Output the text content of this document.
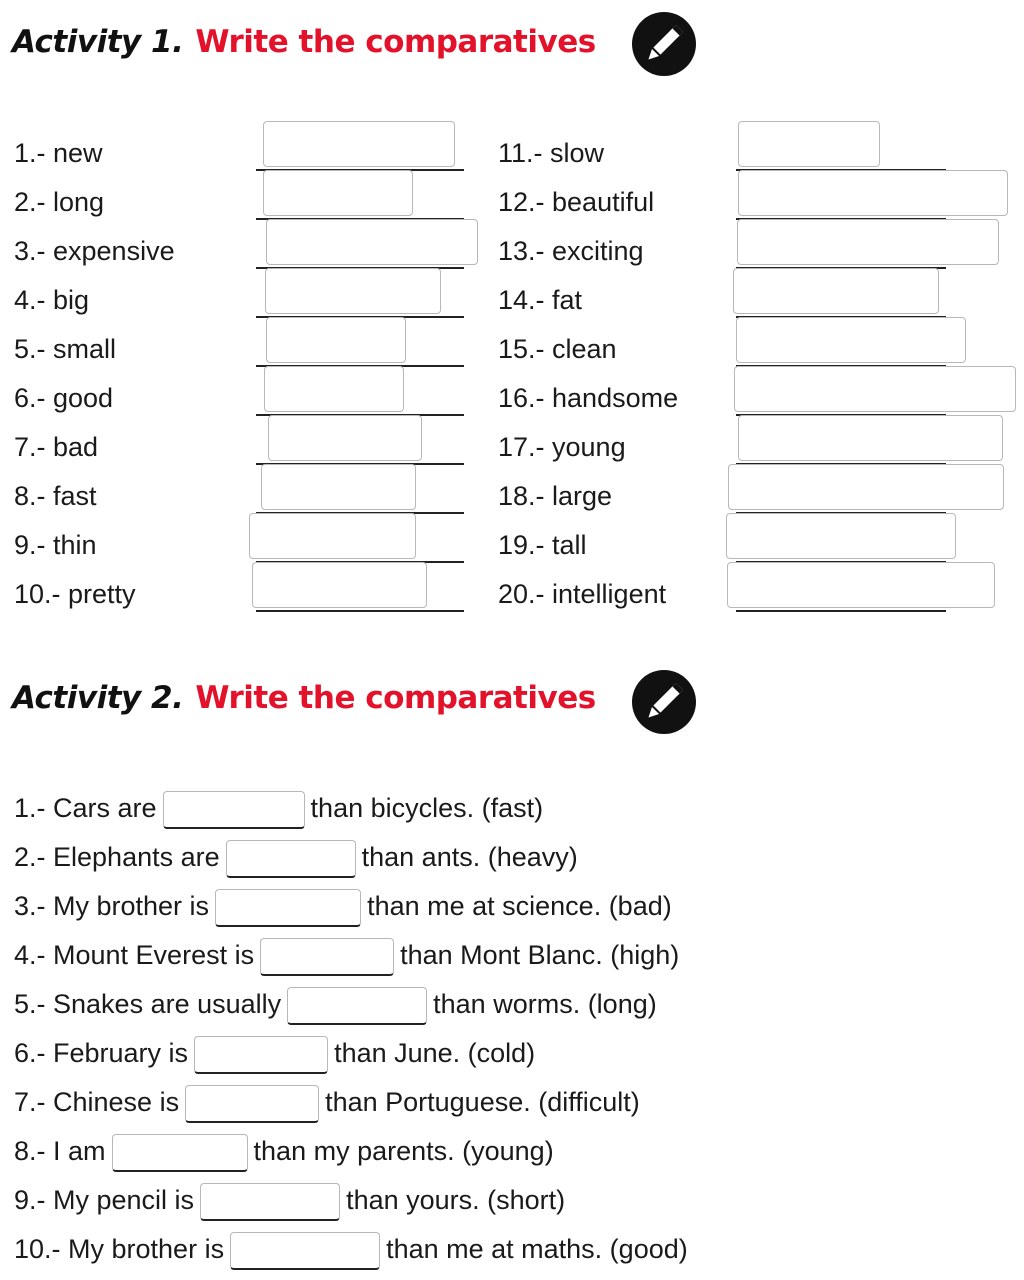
Activity 1. Write the comparatives
1.- new
2.- long
3.- expensive
4.- big
5.- small
6.- good
7.- bad
8.- fast
9.- thin
10.- pretty
11.- slow
12.- beautiful
13.- exciting
14.- fat
15.- clean
16.- handsome
17.- young
18.- large
19.- tall
20.- intelligent
Activity 2. Write the comparatives
1.- Cars are	than bicycles. (fast)
2.- Elephants are	than ants. (heavy)
3.- My brother is	than me at science. (bad)
4.- Mount Everest is	than Mont Blanc. (high)
5.- Snakes are usually	than worms. (long)
6.- February is	than June. (cold)
7.- Chinese is	than Portuguese. (difficult)
8.- I am	than my parents. (young)
9.- My pencil is	than yours. (short)
10.- My brother is	than me at maths. (good)
